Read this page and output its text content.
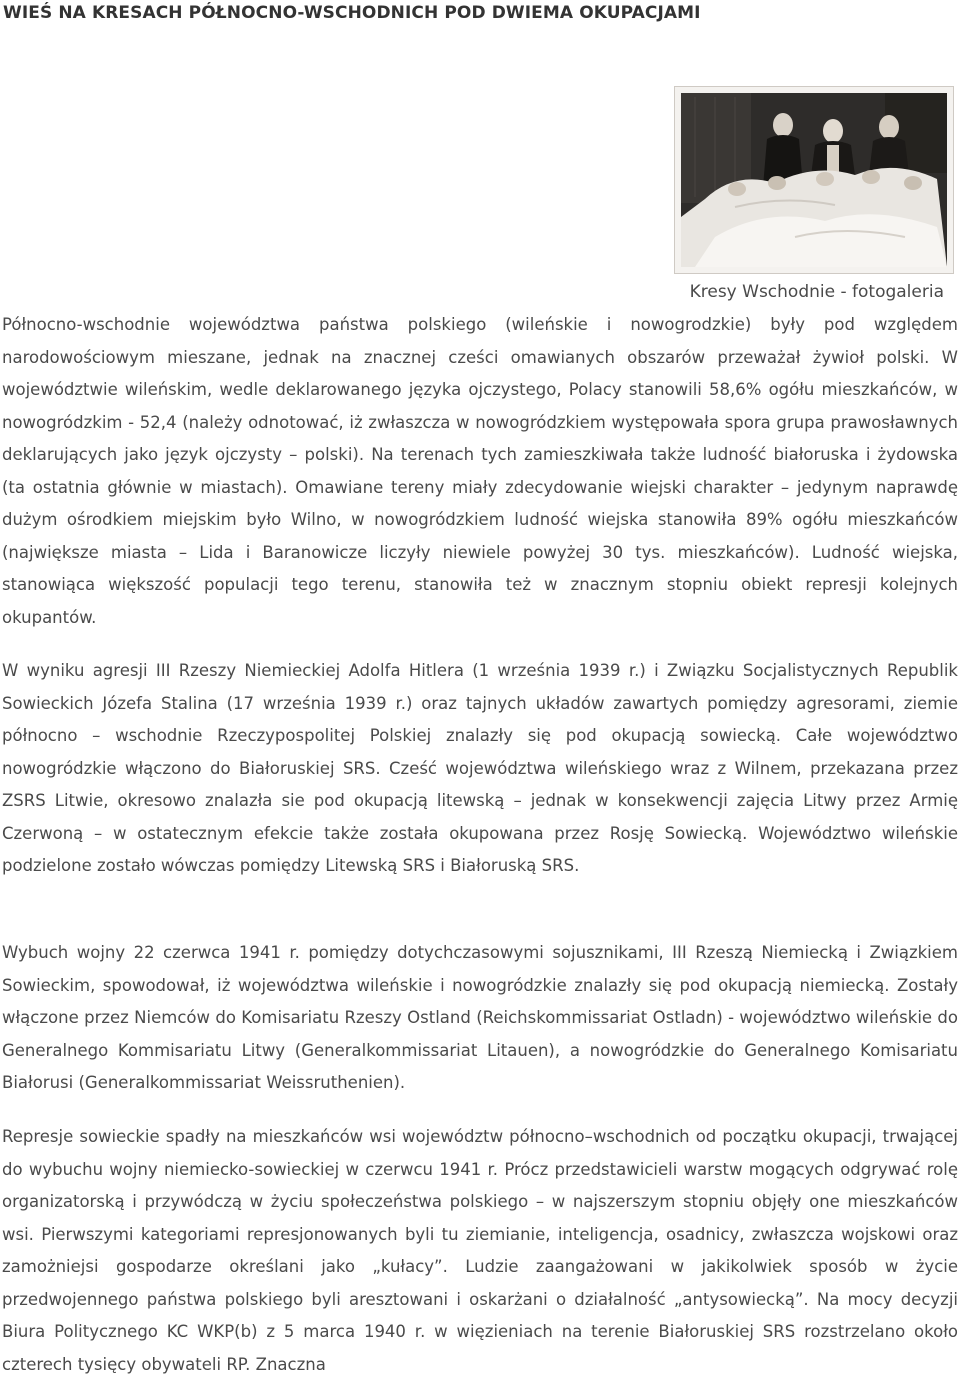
WIEŚ NA KRESACH PÓŁNOCNO-WSCHODNICH POD DWIEMA OKUPACJAMI
Kresy Wschodnie - fotogaleria

Północno-wschodnie województwa państwa polskiego (wileńskie i nowogrodzkie) były pod względem narodowościowym mieszane, jednak na znacznej cześci omawianych obszarów przeważał żywioł polski. W województwie wileńskim, wedle deklarowanego języka ojczystego, Polacy stanowili 58,6% ogółu mieszkańców, w nowogródzkim - 52,4 (należy odnotować, iż zwłaszcza w nowogródzkiem występowała spora grupa prawosławnych deklarujących jako język ojczysty – polski). Na terenach tych zamieszkiwała także ludność białoruska i żydowska (ta ostatnia głównie w miastach). Omawiane tereny miały zdecydowanie wiejski charakter – jedynym naprawdę dużym ośrodkiem miejskim było Wilno, w nowogródzkiem ludność wiejska stanowiła 89% ogółu mieszkańców (największe miasta – Lida i Baranowicze liczyły niewiele powyżej 30 tys. mieszkańców). Ludność wiejska, stanowiąca większość populacji tego terenu, stanowiła też w znacznym stopniu obiekt represji kolejnych okupantów.

W wyniku agresji III Rzeszy Niemieckiej Adolfa Hitlera (1 września 1939 r.) i Związku Socjalistycznych Republik Sowieckich Józefa Stalina (17 września 1939 r.) oraz tajnych układów zawartych pomiędzy agresorami, ziemie północno – wschodnie Rzeczypospolitej Polskiej znalazły się pod okupacją sowiecką. Całe województwo nowogródzkie włączono do Białoruskiej SRS. Cześć województwa wileńskiego wraz z Wilnem, przekazana przez ZSRS Litwie, okresowo znalazła sie pod okupacją litewską – jednak w konsekwencji zajęcia Litwy przez Armię Czerwoną – w ostatecznym efekcie także została okupowana przez Rosję Sowiecką. Województwo wileńskie podzielone zostało wówczas pomiędzy Litewską SRS i Białoruską SRS.

Wybuch wojny 22 czerwca 1941 r. pomiędzy dotychczasowymi sojusznikami, III Rzeszą Niemiecką i Związkiem Sowieckim, spowodował, iż województwa wileńskie i nowogródzkie znalazły się pod okupacją niemiecką. Zostały włączone przez Niemców do Komisariatu Rzeszy Ostland (Reichskommissariat Ostladn) - województwo wileńskie do Generalnego Kommisariatu Litwy (Generalkommissariat Litauen), a nowogródzkie do Generalnego Komisariatu Białorusi (Generalkommissariat Weissruthenien).

Represje sowieckie spadły na mieszkańców wsi województw północno–wschodnich od początku okupacji, trwającej do wybuchu wojny niemiecko-sowieckiej w czerwcu 1941 r. Prócz przedstawicieli warstw mogących odgrywać rolę organizatorską i przywódczą w życiu społeczeństwa polskiego – w najszerszym stopniu objęły one mieszkańców wsi. Pierwszymi kategoriami represjonowanych byli tu ziemianie, inteligencja, osadnicy, zwłaszcza wojskowi oraz zamożniejsi gospodarze określani jako „kułacy”. Ludzie zaangażowani w jakikolwiek sposób w życie przedwojennego państwa polskiego byli aresztowani i oskarżani o działalność „antysowiecką”. Na mocy decyzji Biura Politycznego KC WKP(b) z 5 marca 1940 r. w więzieniach na terenie Białoruskiej SRS rozstrzelano około czterech tysięcy obywateli RP. Znaczna
